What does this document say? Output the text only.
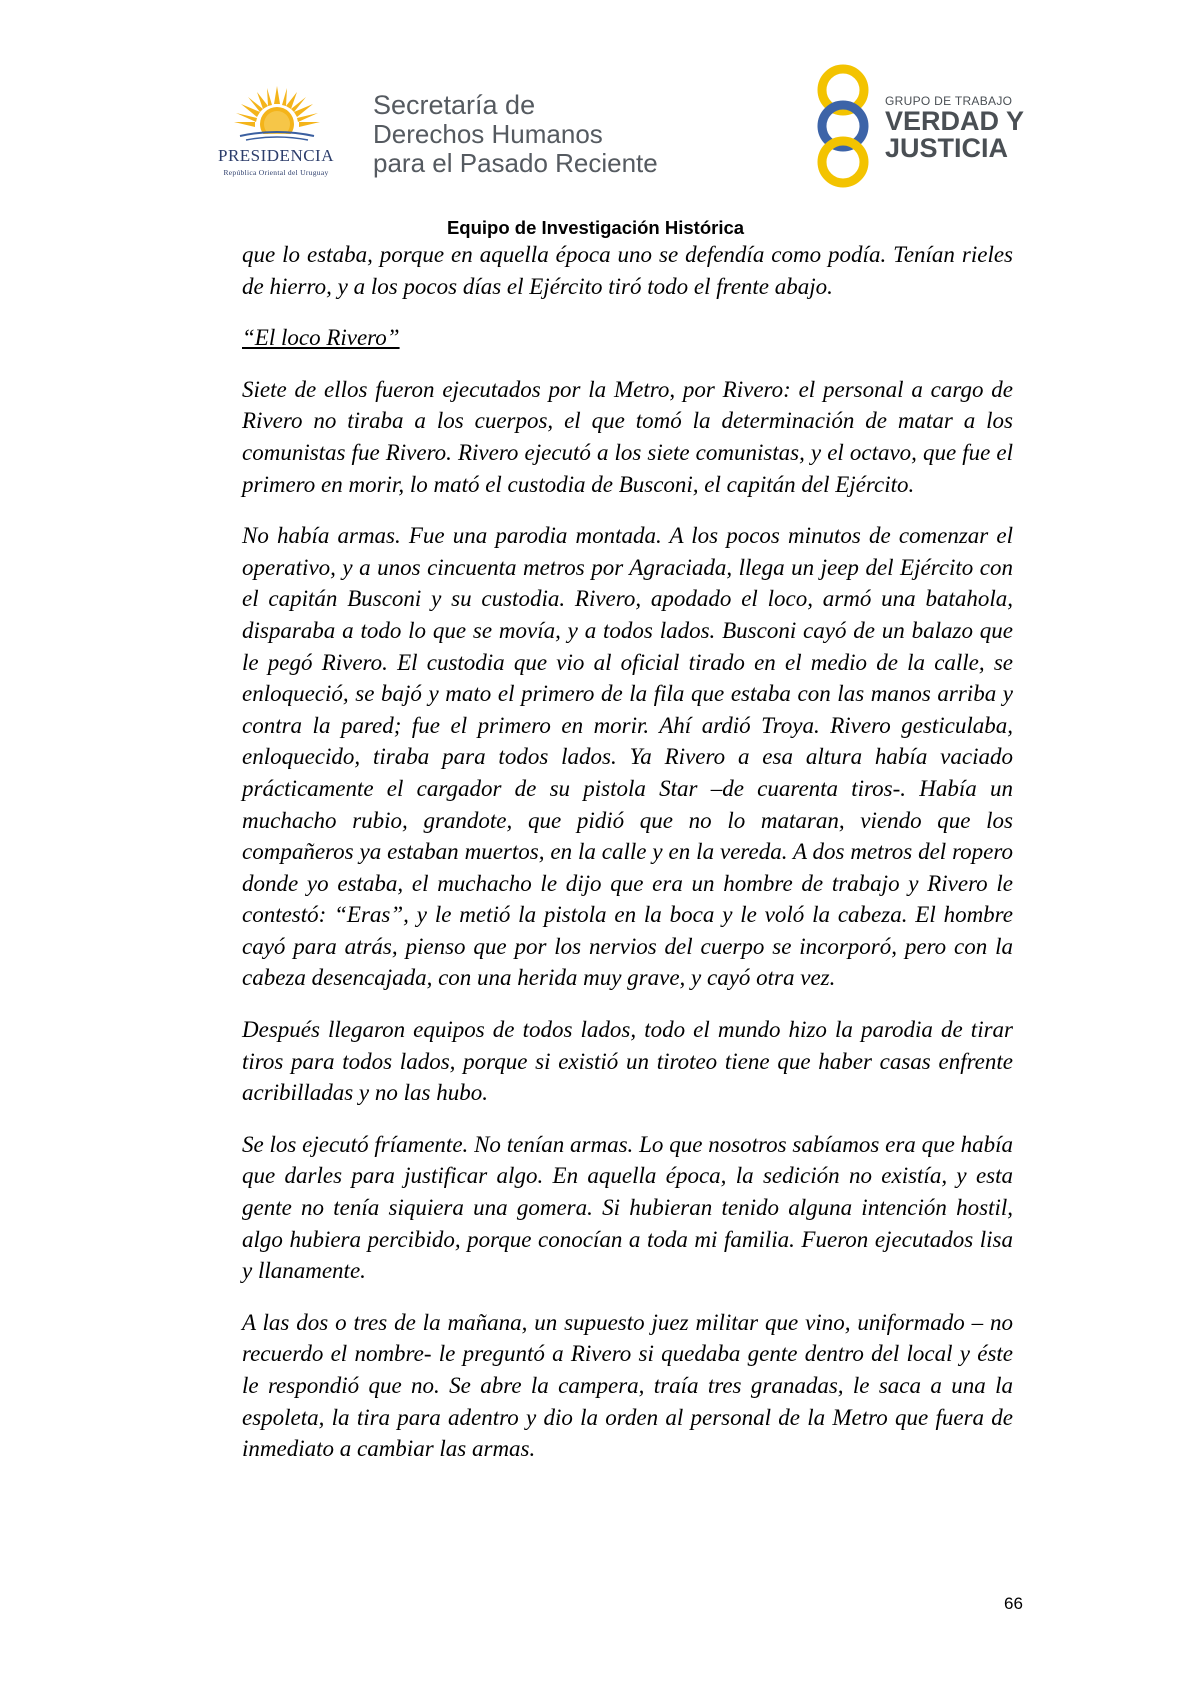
PRESIDENCIA
República Oriental del Uruguay
Secretaría de
Derechos Humanos
para el Pasado Reciente
GRUPO DE TRABAJO
VERDAD Y
JUSTICIA
Equipo de Investigación Histórica

que lo estaba, porque en aquella época uno se defendía como podía. Tenían rieles de hierro, y a los pocos días el Ejército tiró todo el frente abajo.

“El loco Rivero”

Siete de ellos fueron ejecutados por la Metro, por Rivero: el personal a cargo de Rivero no tiraba a los cuerpos, el que tomó la determinación de matar a los comunistas fue Rivero. Rivero ejecutó a los siete comunistas, y el octavo, que fue el primero en morir, lo mató el custodia de Busconi, el capitán del Ejército.

No había armas. Fue una parodia montada. A los pocos minutos de comenzar el operativo, y a unos cincuenta metros por Agraciada, llega un jeep del Ejército con el capitán Busconi y su custodia. Rivero, apodado el loco, armó una batahola, disparaba a todo lo que se movía, y a todos lados. Busconi cayó de un balazo que le pegó Rivero. El custodia que vio al oficial tirado en el medio de la calle, se enloqueció, se bajó y mato el primero de la fila que estaba con las manos arriba y contra la pared; fue el primero en morir. Ahí ardió Troya. Rivero gesticulaba, enloquecido, tiraba para todos lados. Ya Rivero a esa altura había vaciado prácticamente el cargador de su pistola Star –de cuarenta tiros-. Había un muchacho rubio, grandote, que pidió que no lo mataran, viendo que los compañeros ya estaban muertos, en la calle y en la vereda. A dos metros del ropero donde yo estaba, el muchacho le dijo que era un hombre de trabajo y Rivero le contestó: “Eras”, y le metió la pistola en la boca y le voló la cabeza. El hombre cayó para atrás, pienso que por los nervios del cuerpo se incorporó, pero con la cabeza desencajada, con una herida muy grave, y cayó otra vez.

Después llegaron equipos de todos lados, todo el mundo hizo la parodia de tirar tiros para todos lados, porque si existió un tiroteo tiene que haber casas enfrente acribilladas y no las hubo.

Se los ejecutó fríamente. No tenían armas. Lo que nosotros sabíamos era que había que darles para justificar algo. En aquella época, la sedición no existía, y esta gente no tenía siquiera una gomera. Si hubieran tenido alguna intención hostil, algo hubiera percibido, porque conocían a toda mi familia. Fueron ejecutados lisa y llanamente.

A las dos o tres de la mañana, un supuesto juez militar que vino, uniformado – no recuerdo el nombre- le preguntó a Rivero si quedaba gente dentro del local y éste le respondió que no. Se abre la campera, traía tres granadas, le saca a una la espoleta, la tira para adentro y dio la orden al personal de la Metro que fuera de inmediato a cambiar las armas.

66
